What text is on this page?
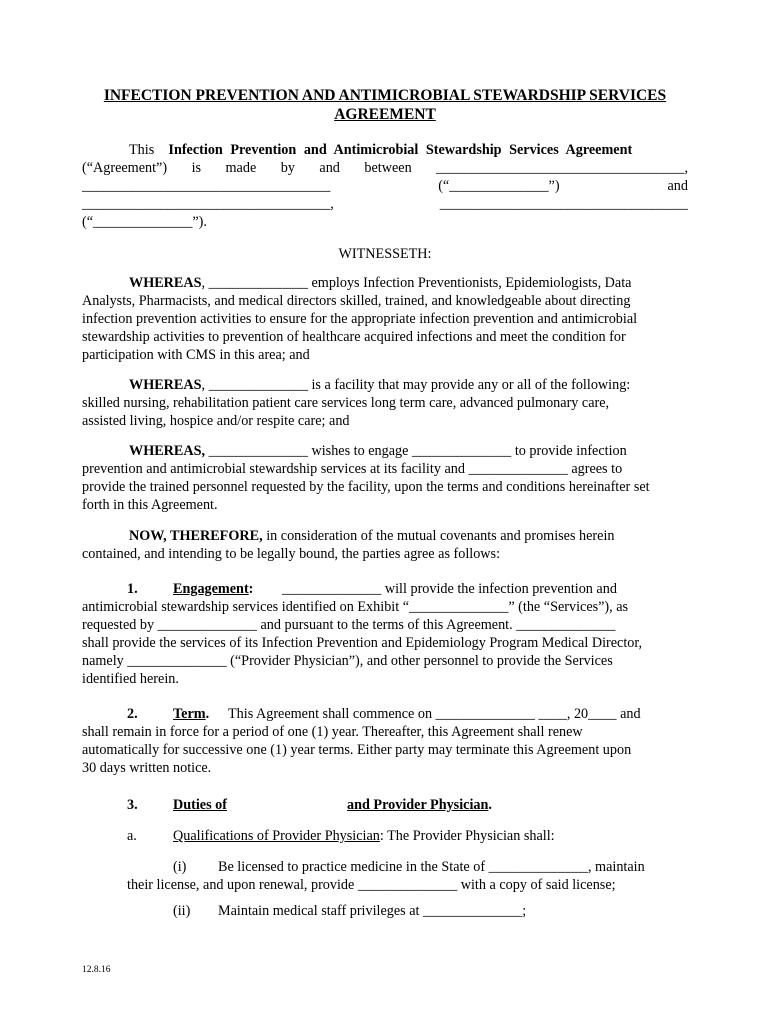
INFECTION PREVENTION AND ANTIMICROBIAL STEWARDSHIP SERVICES
AGREEMENT
This Infection Prevention and Antimicrobial Stewardship Services Agreement
(“Agreement”) is made by and between ___________________________________,
___________________________________	(“______________”)	and
___________________________________,	___________________________________
(“______________”).
WITNESSETH:
WHEREAS, ______________ employs Infection Preventionists, Epidemiologists, Data
Analysts, Pharmacists, and medical directors skilled, trained, and knowledgeable about directing
infection prevention activities to ensure for the appropriate infection prevention and antimicrobial
stewardship activities to prevention of healthcare acquired infections and meet the condition for
participation with CMS in this area; and
WHEREAS, ______________ is a facility that may provide any or all of the following:
skilled nursing, rehabilitation patient care services long term care, advanced pulmonary care,
assisted living, hospice and/or respite care; and
WHEREAS, ______________ wishes to engage ______________ to provide infection
prevention and antimicrobial stewardship services at its facility and ______________ agrees to
provide the trained personnel requested by the facility, upon the terms and conditions hereinafter set
forth in this Agreement.
NOW, THEREFORE, in consideration of the mutual covenants and promises herein
contained, and intending to be legally bound, the parties agree as follows:
1. Engagement: ______________ will provide the infection prevention and
antimicrobial stewardship services identified on Exhibit “______________” (the “Services”), as
requested by ______________ and pursuant to the terms of this Agreement. ______________
shall provide the services of its Infection Prevention and Epidemiology Program Medical Director,
namely ______________ (“Provider Physician”), and other personnel to provide the Services
identified herein.
2. Term. This Agreement shall commence on ______________ ____, 20____ and
shall remain in force for a period of one (1) year. Thereafter, this Agreement shall renew
automatically for successive one (1) year terms. Either party may terminate this Agreement upon
30 days written notice.
3. Duties of	and Provider Physician.
a.	Qualifications of Provider Physician: The Provider Physician shall:
(i) Be licensed to practice medicine in the State of ______________, maintain
their license, and upon renewal, provide ______________ with a copy of said license;
(ii) Maintain medical staff privileges at ______________;
12.8.16
